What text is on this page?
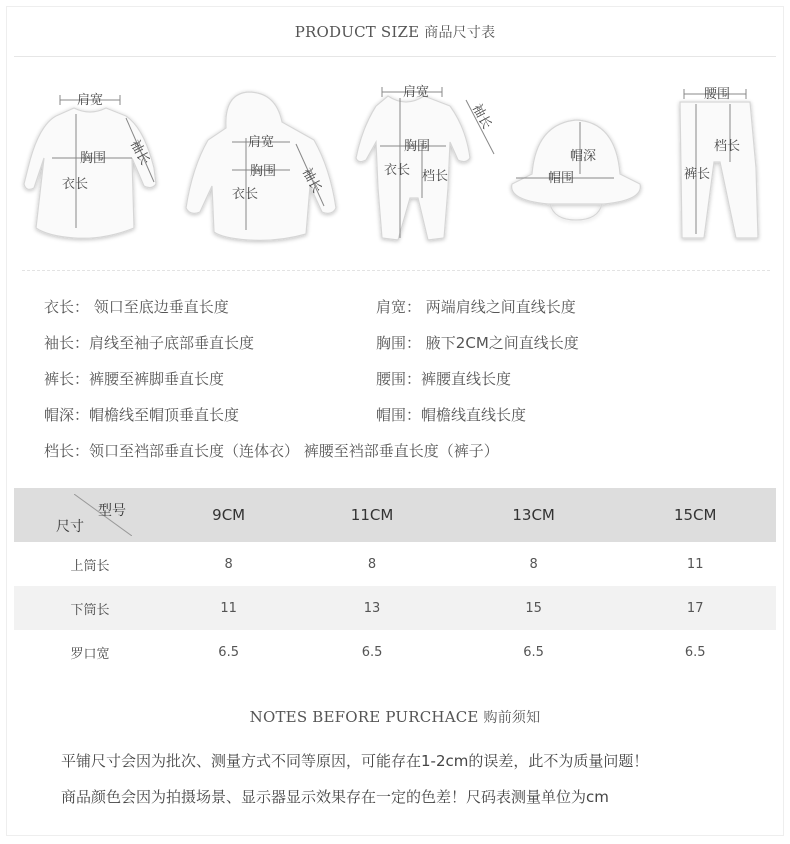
PRODUCT SIZE 商品尺寸表
肩宽
胸围
衣长
袖长	肩宽
胸围
衣长	袖长
肩宽
胸围
衣长 档长
袖长
帽深
帽围
腰围
档长
裤长
衣长： 领口至底边垂直长度	肩宽： 两端肩线之间直线长度
袖长：肩线至袖子底部垂直长度	胸围： 腋下2CM之间直线长度
裤长：裤腰至裤脚垂直长度	腰围：裤腰直线长度
帽深：帽檐线至帽顶垂直长度	帽围：帽檐线直线长度
档长：领口至裆部垂直长度（连体衣） 裤腰至裆部垂直长度（裤子）
型号
尺寸	9CM	11CM	13CM	15CM
上筒长	8	8	8	11
下筒长	11	13	15	17
罗口宽	6.5	6.5	6.5	6.5
NOTES BEFORE PURCHACE 购前须知
平铺尺寸会因为批次、测量方式不同等原因，可能存在1-2cm的误差，此不为质量问题！
商品颜色会因为拍摄场景、显示器显示效果存在一定的色差！尺码表测量单位为cm
